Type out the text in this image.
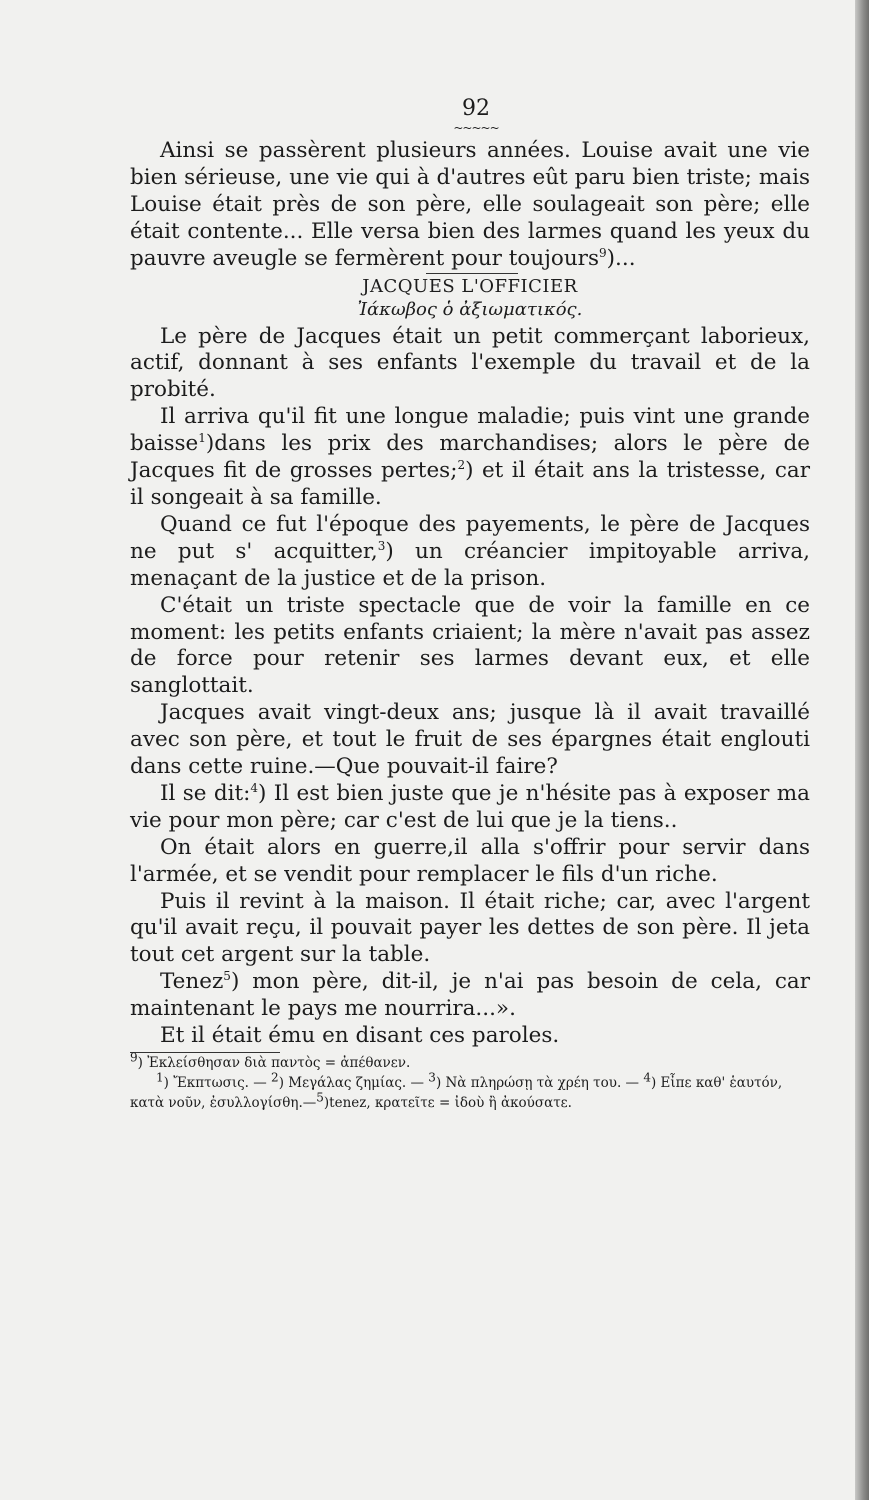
92
~~~~~

Ainsi se passèrent plusieurs années. Louise avait une vie bien sérieuse, une vie qui à d'autres eût paru bien triste; mais Louise était près de son père, elle soulageait son père; elle était contente... Elle versa bien des larmes quand les yeux du pauvre aveugle se fermèrent pour toujours$^9$)...

JACQUES L'OFFICIER
Ἰάκωβος ὁ ἀξιωματικός.

Le père de Jacques était un petit commerçant laborieux, actif, donnant à ses enfants l'exemple du travail et de la probité.

Il arriva qu'il fit une longue maladie; puis vint une grande baisse$^1$)dans les prix des marchandises; alors le père de Jacques fit de grosses pertes;$^2$) et il était ans la tristesse, car il songeait à sa famille.

Quand ce fut l'époque des payements, le père de Jacques ne put s' acquitter,$^3$) un créancier impitoyable arriva, menaçant de la justice et de la prison.

C'était un triste spectacle que de voir la famille en ce moment: les petits enfants criaient; la mère n'avait pas assez de force pour retenir ses larmes devant eux, et elle sanglottait.

Jacques avait vingt-deux ans; jusque là il avait travaillé avec son père, et tout le fruit de ses épargnes était englouti dans cette ruine.—Que pouvait-il faire?

Il se dit:$^4$) Il est bien juste que je n'hésite pas à exposer ma vie pour mon père; car c'est de lui que je la tiens..

On était alors en guerre,il alla s'offrir pour servir dans l'armée, et se vendit pour remplacer le fils d'un riche.

Puis il revint à la maison. Il était riche; car, avec l'argent qu'il avait reçu, il pouvait payer les dettes de son père. Il jeta tout cet argent sur la table.

Tenez$^5$) mon père, dit-il, je n'ai pas besoin de cela, car maintenant le pays me nourrira...».

Et il était ému en disant ces paroles.

$^9$) Ἐκλείσθησαν διὰ παντὸς = ἀπέθανεν.

$^1$) Ἔκπτωσις. — $^2$) Μεγάλας ζημίας. — $^3$) Νὰ πληρώσῃ τὰ χρέη του. — $^4$) Εἶπε καθ' ἑαυτόν, κατὰ νοῦν, ἐσυλλογίσθη.—$^5$)tenez, κρατεῖτε = ἰδοὺ ἢ ἀκούσατε.
